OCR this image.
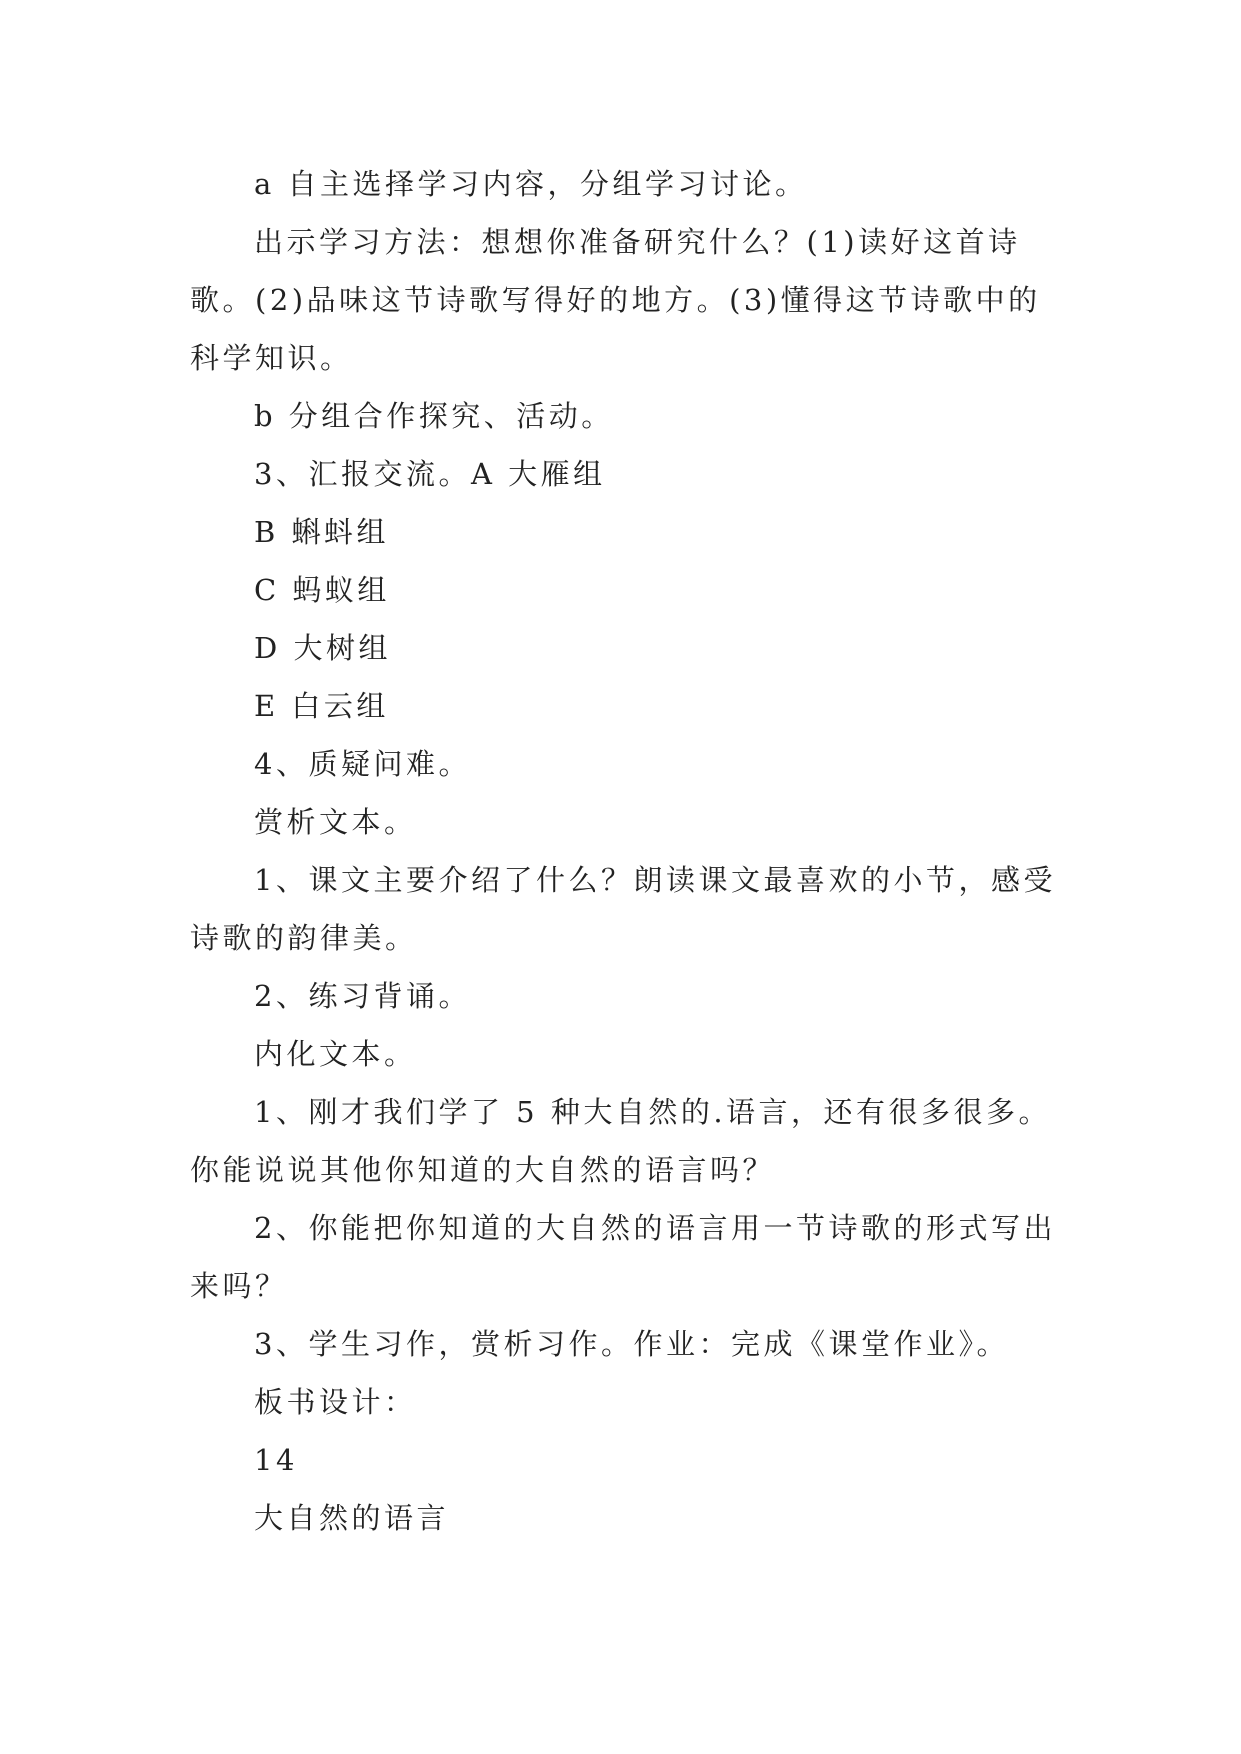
a 自主选择学习内容，分组学习讨论。

出示学习方法：想想你准备研究什么？(1)读好这首诗歌。(2)品味这节诗歌写得好的地方。(3)懂得这节诗歌中的科学知识。

b 分组合作探究、活动。

3、汇报交流。A 大雁组

B 蝌蚪组

C 蚂蚁组

D 大树组

E 白云组

4、质疑问难。

赏析文本。

1、课文主要介绍了什么？朗读课文最喜欢的小节，感受诗歌的韵律美。

2、练习背诵。

内化文本。

1、刚才我们学了 5 种大自然的.语言，还有很多很多。你能说说其他你知道的大自然的语言吗？

2、你能把你知道的大自然的语言用一节诗歌的形式写出来吗？

3、学生习作，赏析习作。作业：完成《课堂作业》。

板书设计：

14

大自然的语言
